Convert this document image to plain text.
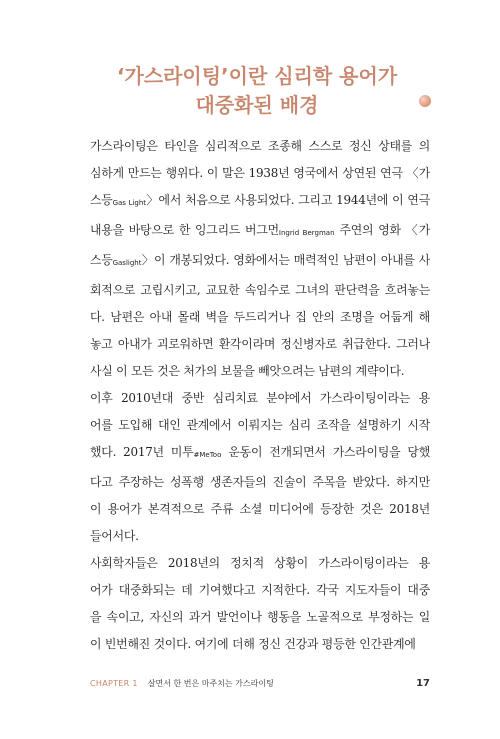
‘가스라이팅’이란 심리학 용어가
대중화된 배경
가스라이팅은 타인을 심리적으로 조종해 스스로 정신 상태를 의
심하게 만드는 행위다. 이 말은 1938년 영국에서 상연된 연극 〈가
스등Gas Light〉에서 처음으로 사용되었다. 그리고 1944년에 이 연극
내용을 바탕으로 한 잉그리드 버그먼Ingrid Bergman 주연의 영화 〈가
스등Gaslight〉이 개봉되었다. 영화에서는 매력적인 남편이 아내를 사
회적으로 고립시키고, 교묘한 속임수로 그녀의 판단력을 흐려놓는
다. 남편은 아내 몰래 벽을 두드리거나 집 안의 조명을 어둡게 해
놓고 아내가 괴로워하면 환각이라며 정신병자로 취급한다. 그러나
사실 이 모든 것은 처가의 보물을 빼앗으려는 남편의 계략이다.
이후 2010년대 중반 심리치료 분야에서 가스라이팅이라는 용
어를 도입해 대인 관계에서 이뤄지는 심리 조작을 설명하기 시작
했다. 2017년 미투#MeToo 운동이 전개되면서 가스라이팅을 당했
다고 주장하는 성폭행 생존자들의 진술이 주목을 받았다. 하지만
이 용어가 본격적으로 주류 소셜 미디어에 등장한 것은 2018년
들어서다.
사회학자들은 2018년의 정치적 상황이 가스라이팅이라는 용
어가 대중화되는 데 기여했다고 지적한다. 각국 지도자들이 대중
을 속이고, 자신의 과거 발언이나 행동을 노골적으로 부정하는 일
이 빈번해진 것이다. 여기에 더해 정신 건강과 평등한 인간관계에
CHAPTER 1 살면서 한 번은 마주치는 가스라이팅	17
